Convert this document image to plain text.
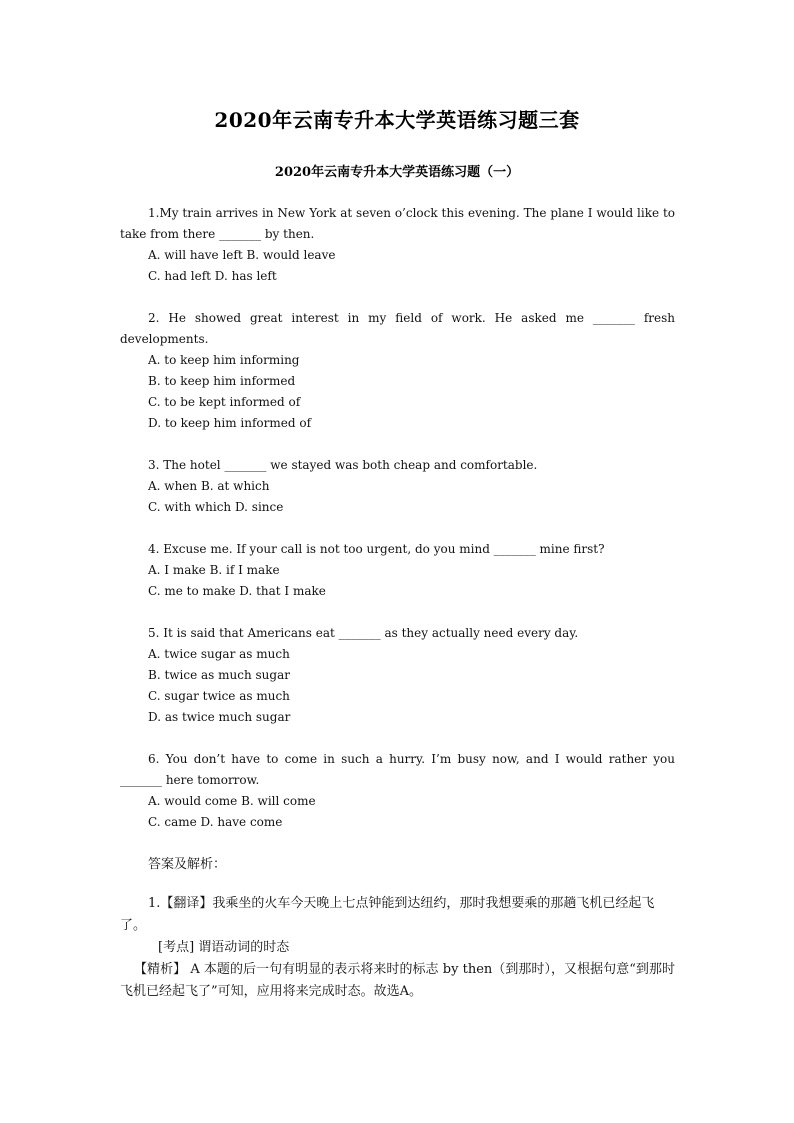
2020年云南专升本大学英语练习题三套
2020年云南专升本大学英语练习题（一）

1.My train arrives in New York at seven o’clock this evening. The plane I would like to take from there _______ by then.

A. will have left B. would leave

C. had left D. has left

2. He showed great interest in my field of work. He asked me _______ fresh developments.

A. to keep him informing

B. to keep him informed

C. to be kept informed of

D. to keep him informed of

3. The hotel _______ we stayed was both cheap and comfortable.

A. when B. at which

C. with which D. since

4. Excuse me. If your call is not too urgent, do you mind _______ mine first?

A. I make B. if I make

C. me to make D. that I make

5. It is said that Americans eat _______ as they actually need every day.

A. twice sugar as much

B. twice as much sugar

C. sugar twice as much

D. as twice much sugar

6. You don’t have to come in such a hurry. I’m busy now, and I would rather you _______ here tomorrow.

A. would come B. will come

C. came D. have come

答案及解析：

1.【翻译】我乘坐的火车今天晚上七点钟能到达纽约，那时我想要乘的那趟飞机已经起飞了。

[考点] 谓语动词的时态

【精析】 A 本题的后一句有明显的表示将来时的标志 by then（到那时），又根据句意“到那时飞机已经起飞了”可知，应用将来完成时态。故选A。
